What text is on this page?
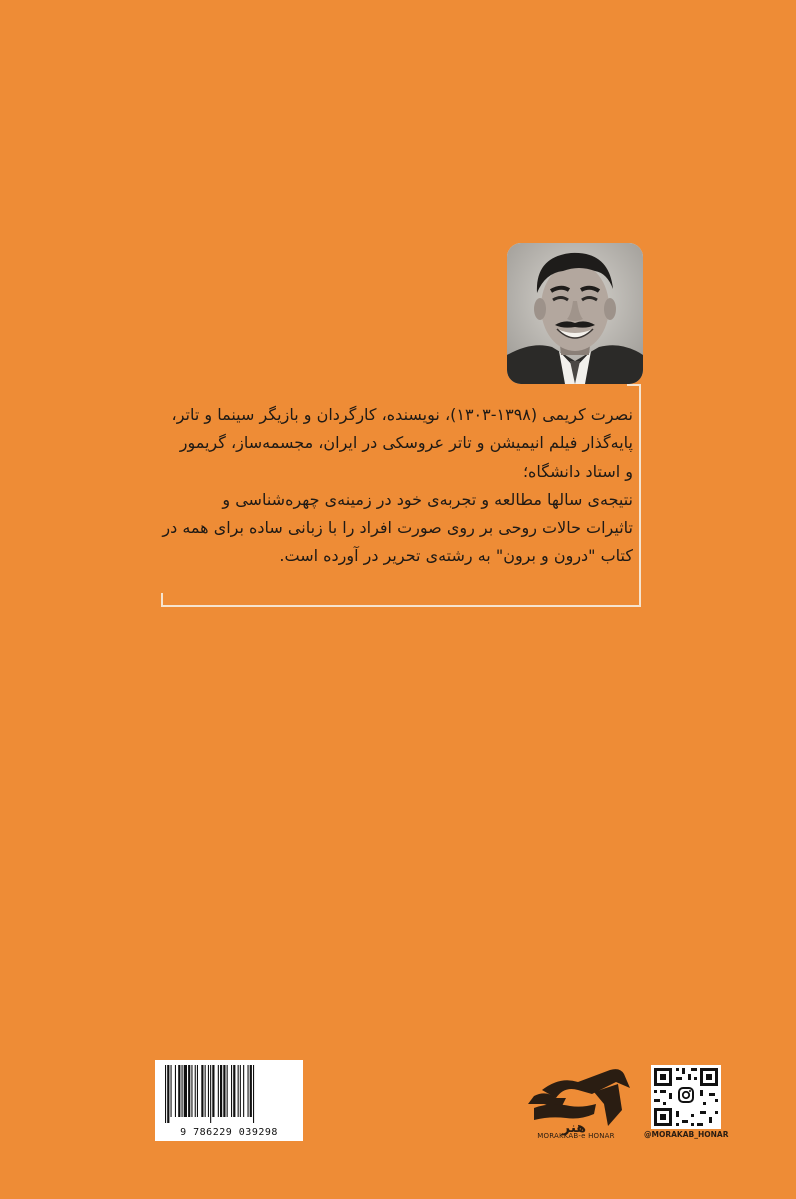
نصرت کریمی (۱۳۹۸-۱۳۰۳)، نویسنده، کارگردان و بازیگر سینما و تاتر،
پایه‌گذار فیلم انیمیشن و تاتر عروسکی در ایران، مجسمه‌ساز، گریمور
و استاد دانشگاه؛
نتیجه‌ی سالها مطالعه و تجربه‌ی خود در زمینه‌ی چهره‌شناسی و
تاثیرات حالات روحی بر روی صورت افراد را با زبانی ساده برای همه در
کتاب "درون و برون" به رشته‌ی تحریر در آورده است.
9 786229 039298	هنر
MORAKKAB-e HONAR	@MORAKAB_HONAR
